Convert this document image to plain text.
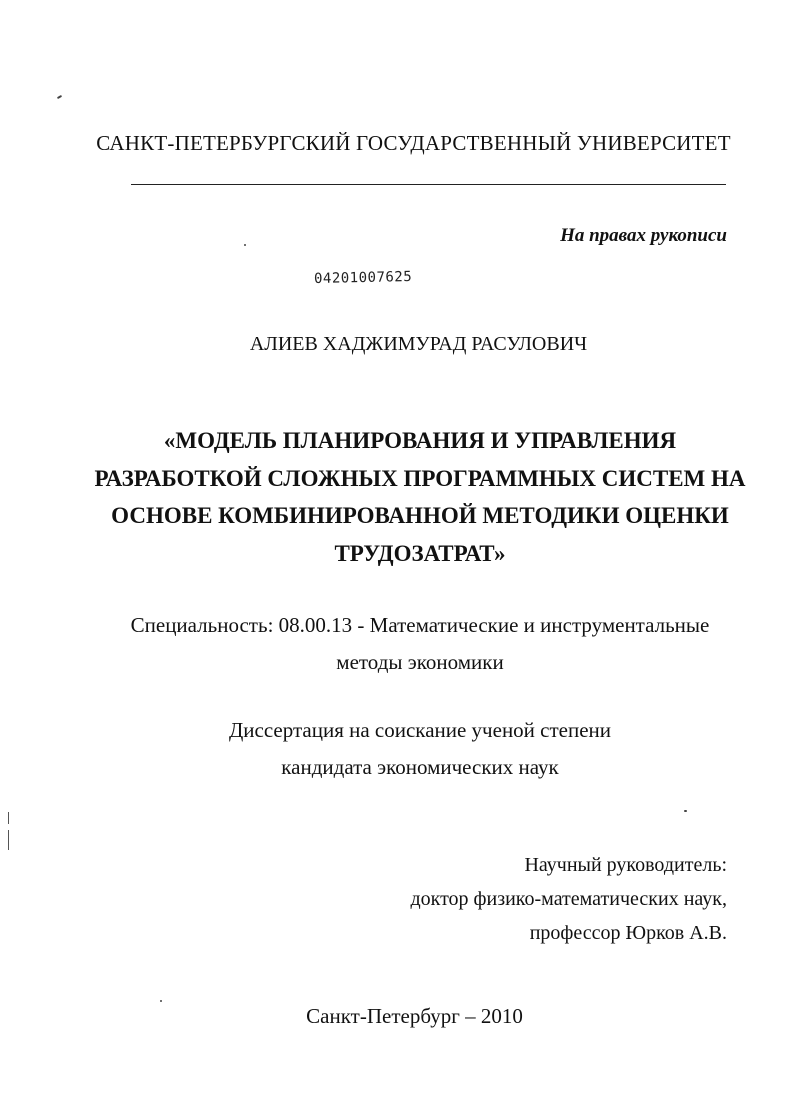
САНКТ-ПЕТЕРБУРГСКИЙ ГОСУДАРСТВЕННЫЙ УНИВЕРСИТЕТ
На правах рукописи
04201007625
АЛИЕВ ХАДЖИМУРАД РАСУЛОВИЧ
«МОДЕЛЬ ПЛАНИРОВАНИЯ И УПРАВЛЕНИЯ
РАЗРАБОТКОЙ СЛОЖНЫХ ПРОГРАММНЫХ СИСТЕМ НА
ОСНОВЕ КОМБИНИРОВАННОЙ МЕТОДИКИ ОЦЕНКИ
ТРУДОЗАТРАТ»
Специальность: 08.00.13 - Математические и инструментальные
методы экономики
Диссертация на соискание ученой степени
кандидата экономических наук
Научный руководитель:
доктор физико-математических наук,
профессор Юрков А.В.
Санкт-Петербург – 2010
